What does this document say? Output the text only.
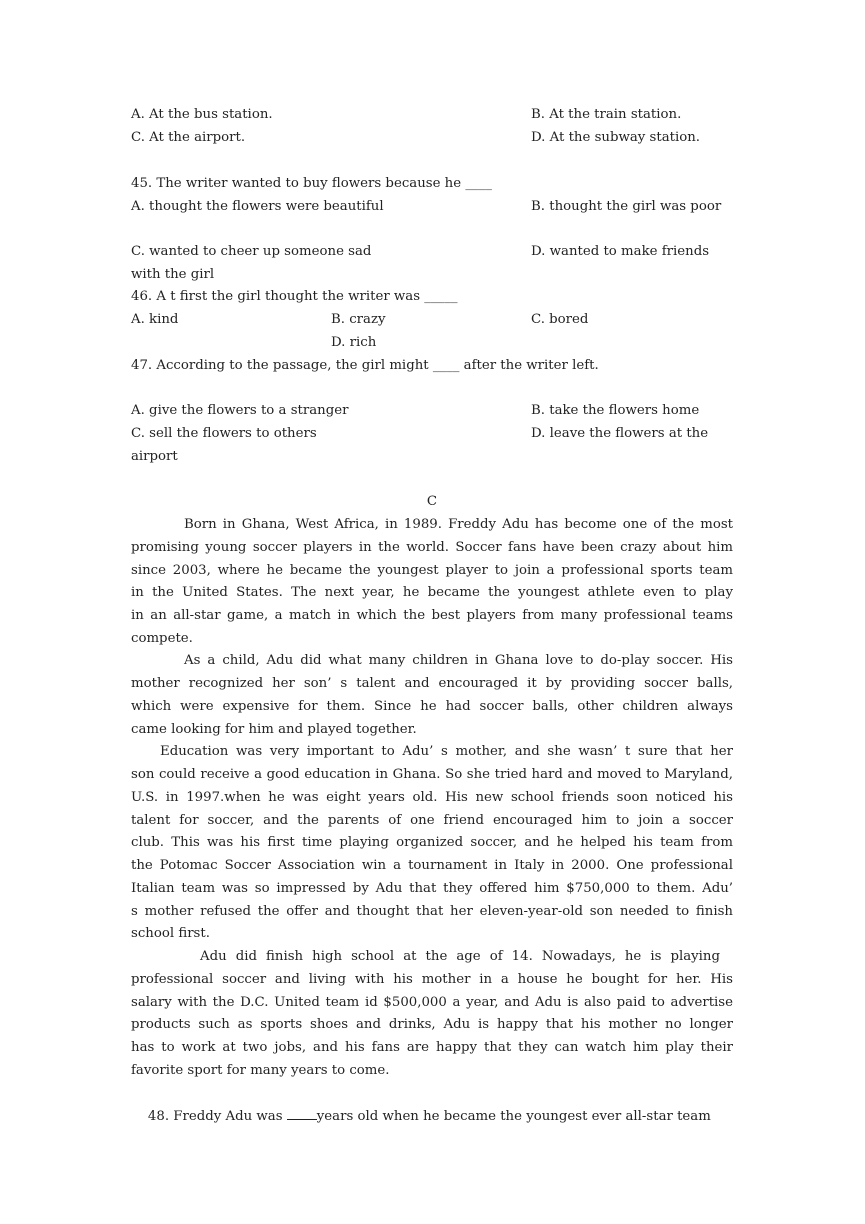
A. At the bus station.	B. At the train station.
C. At the airport.	D. At the subway station.
45. The writer wanted to buy flowers because he ____
A. thought the flowers were beautiful	B. thought the girl was poor
C. wanted to cheer up someone sad	D. wanted to make friends
with the girl
46. A t first the girl thought the writer was _____
A. kind	B. crazy	C. bored
D. rich
47. According to the passage, the girl might ____ after the writer left.
A. give the flowers to a stranger	B. take the flowers home
C. sell the flowers to others	D. leave the flowers at the
airport
C
Born in Ghana, West Africa, in 1989. Freddy Adu has become one of the most
promising young soccer players in the world. Soccer fans have been crazy about him
since 2003, where he became the youngest player to join a professional sports team
in the United States. The next year, he became the youngest athlete even to play
in an all-star game, a match in which the best players from many professional teams
compete.
As a child, Adu did what many children in Ghana love to do-play soccer. His
mother recognized her son’ s talent and encouraged it by providing soccer balls,
which were expensive for them. Since he had soccer balls, other children always
came looking for him and played together.
Education was very important to Adu’ s mother, and she wasn’ t sure that her
son could receive a good education in Ghana. So she tried hard and moved to Maryland,
U.S. in 1997.when he was eight years old. His new school friends soon noticed his
talent for soccer, and the parents of one friend encouraged him to join a soccer
club. This was his first time playing organized soccer, and he helped his team from
the Potomac Soccer Association win a tournament in Italy in 2000. One professional
Italian team was so impressed by Adu that they offered him $750,000 to them. Adu’
s mother refused the offer and thought that her eleven-year-old son needed to finish
school first.
Adu did finish high school at the age of 14. Nowadays, he is playing
professional soccer and living with his mother in a house he bought for her. His
salary with the D.C. United team id $500,000 a year, and Adu is also paid to advertise
products such as sports shoes and drinks, Adu is happy that his mother no longer
has to work at two jobs, and his fans are happy that they can watch him play their
favorite sport for many years to come.

48. Freddy Adu was years old when he became the youngest ever all-star team
